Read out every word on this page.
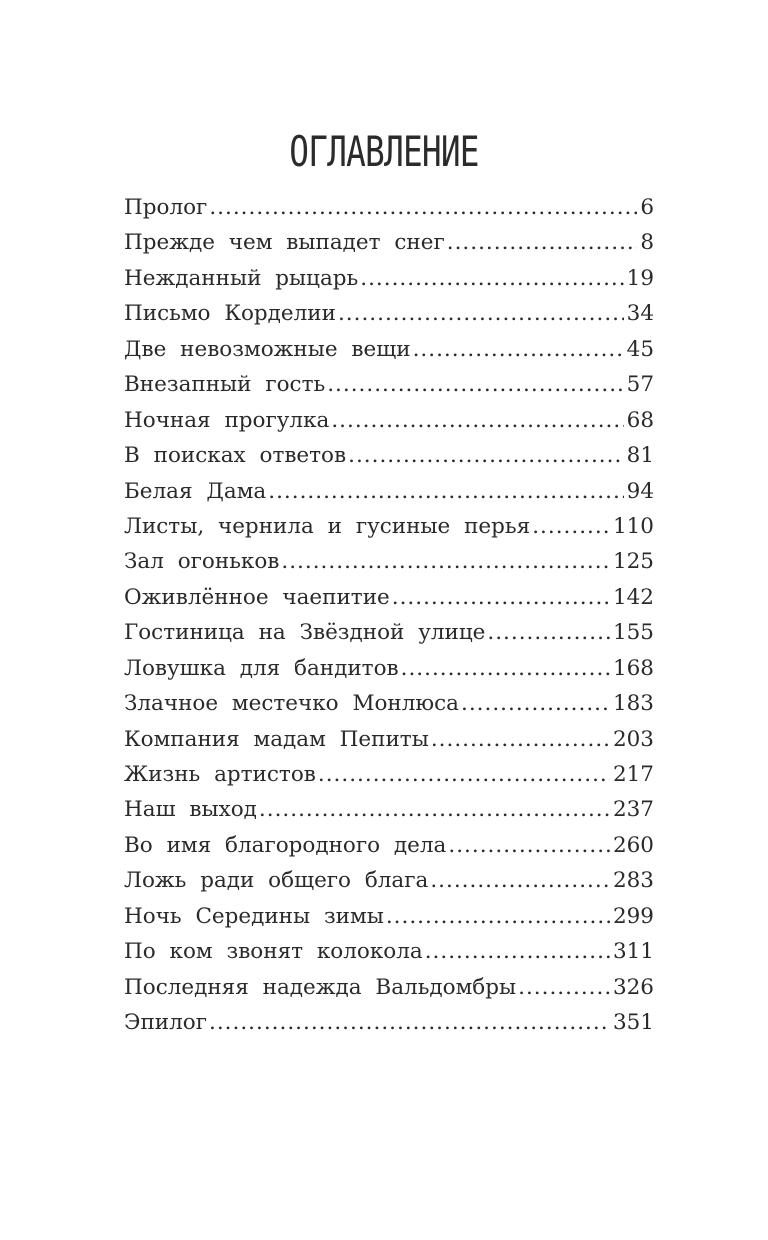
ОГЛАВЛЕНИЕ
Пролог .....	6
Прежде чем выпадет снег .....	8
Нежданный рыцарь .....	19
Письмо Корделии .....	34
Две невозможные вещи .....	45
Внезапный гость .....	57
Ночная прогулка .....	68
В поисках ответов .....	81
Белая Дама .....	94
Листы, чернила и гусиные перья .....	110
Зал огоньков .....	125
Оживлённое чаепитие .....	142
Гостиница на Звёздной улице .....	155
Ловушка для бандитов .....	168
Злачное местечко Монлюса .....	183
Компания мадам Пепиты .....	203
Жизнь артистов .....	217
Наш выход .....	237
Во имя благородного дела .....	260
Ложь ради общего блага .....	283
Ночь Середины зимы .....	299
По ком звонят колокола .....	311
Последняя надежда Вальдомбры .....	326
Эпилог .....	351
